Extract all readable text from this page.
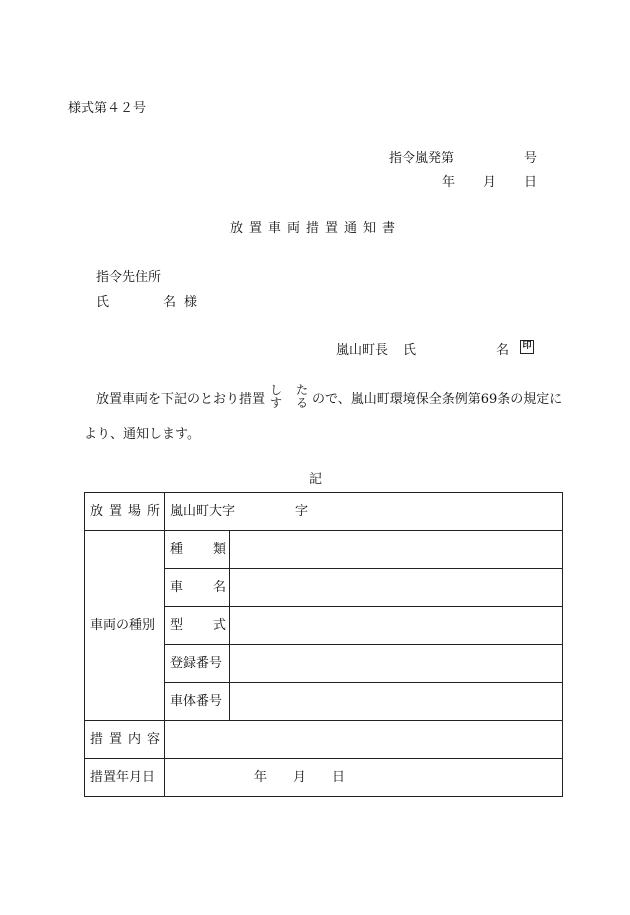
様式第４２号
指令嵐発第	号
年 月 日
放置車両措置通知書
指令先住所
氏	名様
嵐山町長 氏	名 印
放置車両を下記のとおり措置
し
す
た
る ので、嵐山町環境保全条例第69条の規定に
より、通知します。
記
放置場所	嵐山町大字 字	
車両の種別	種 類	

	車 名	

	型 式	

	登録番号	
	車体番号	
措置内容		
措置年月日	年 月 日	
